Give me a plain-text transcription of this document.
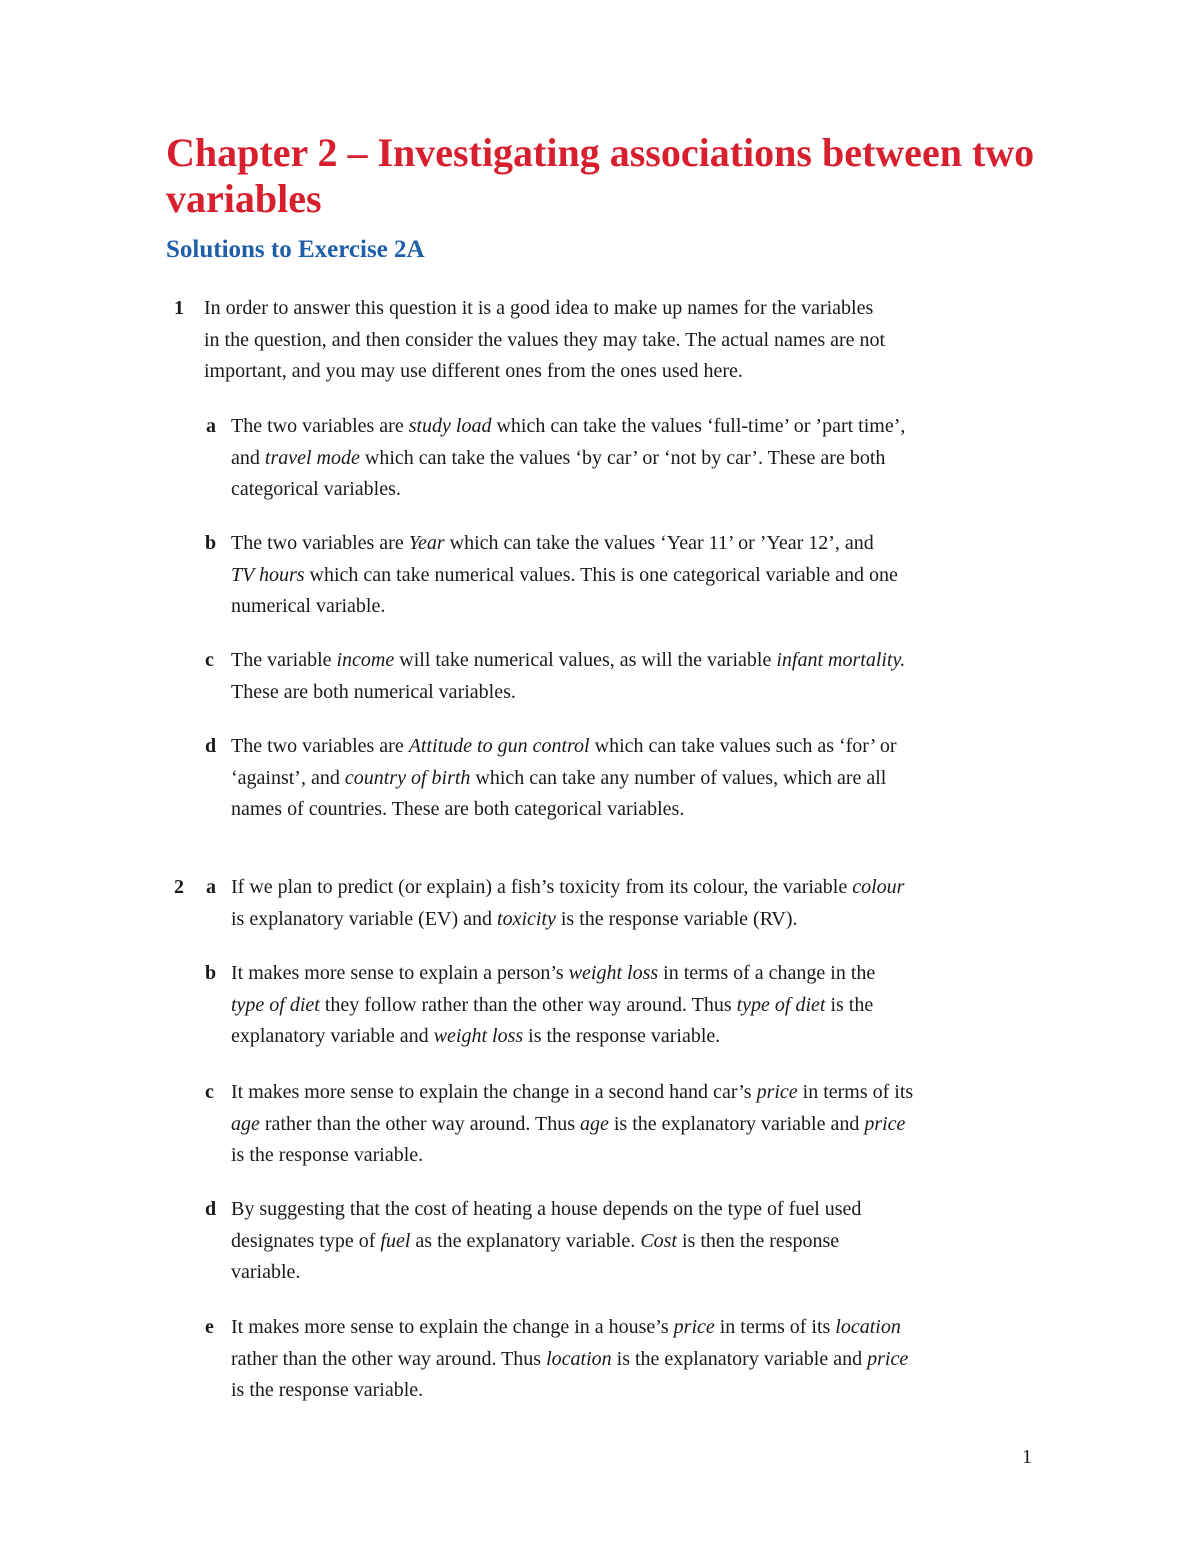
Chapter 2 – Investigating associations between two variables
Solutions to Exercise 2A
1 In order to answer this question it is a good idea to make up names for the variables
in the question, and then consider the values they may take. The actual names are not
important, and you may use different ones from the ones used here.
a The two variables are study load which can take the values ‘full-time’ or ’part time’,
and travel mode which can take the values ‘by car’ or ‘not by car’. These are both
categorical variables.
b The two variables are Year which can take the values ‘Year 11’ or ’Year 12’, and
TV hours which can take numerical values. This is one categorical variable and one
numerical variable.
c The variable income will take numerical values, as will the variable infant mortality.
These are both numerical variables.
d The two variables are Attitude to gun control which can take values such as ‘for’ or
‘against’, and country of birth which can take any number of values, which are all
names of countries. These are both categorical variables.
2 a If we plan to predict (or explain) a fish’s toxicity from its colour, the variable colour
is explanatory variable (EV) and toxicity is the response variable (RV).
b It makes more sense to explain a person’s weight loss in terms of a change in the
type of diet they follow rather than the other way around. Thus type of diet is the
explanatory variable and weight loss is the response variable.
c It makes more sense to explain the change in a second hand car’s price in terms of its
age rather than the other way around. Thus age is the explanatory variable and price
is the response variable.
d By suggesting that the cost of heating a house depends on the type of fuel used
designates type of fuel as the explanatory variable. Cost is then the response
variable.
e It makes more sense to explain the change in a house’s price in terms of its location
rather than the other way around. Thus location is the explanatory variable and price
is the response variable.
1
